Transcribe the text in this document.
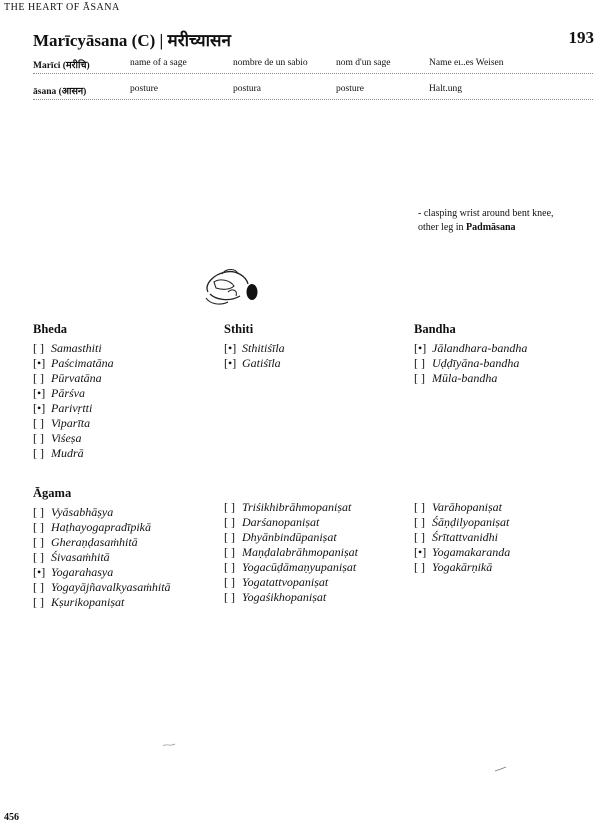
THE HEART OF ĀSANA
193
Marīcyāsana (C) | मरीच्यासन
Marīci (मरीचि)	name of a sage	nombre de un sabio	nom d'un sage	Name eı..es Weisen
āsana (आसन)	posture	postura	posture	Halt.ung
- clasping wrist around bent knee,
other leg in Padmāsana
Bheda
[ ] Samasthiti
[•] Paścimatāna
[ ] Pūrvatāna
[•] Pārśva
[•] Parivṛtti
[ ] Viparīta
[ ] Viśeṣa
[ ] Mudrā
Sthiti
[•] Sthitiśīla
[•] Gatiśīla
Bandha
[•] Jālandhara-bandha
[ ] Uḍḍīyāna-bandha
[ ] Mūla-bandha
Āgama
[ ] Vyāsabhāṣya
[ ] Haṭhayogapradīpikā
[ ] Gheraṇḍasaṁhitā
[ ] Śivasaṁhitā
[•] Yogarahasya
[ ] Yogayājñavalkyasaṁhitā
[ ] Kṣurikopaniṣat
[ ] Triśikhibrāhmopaniṣat
[ ] Darśanopaniṣat
[ ] Dhyānbindūpaniṣat
[ ] Maṇḍalabrāhmopaniṣat
[ ] Yogacūḍāmaṇyupaniṣat
[ ] Yogatattvopaniṣat
[ ] Yogaśikhopaniṣat
[ ] Varāhopaniṣat
[ ] Śāṇḍilyopaniṣat
[ ] Śrītattvanidhi
[•] Yogamakaranda
[ ] Yogakārṇikā
456
